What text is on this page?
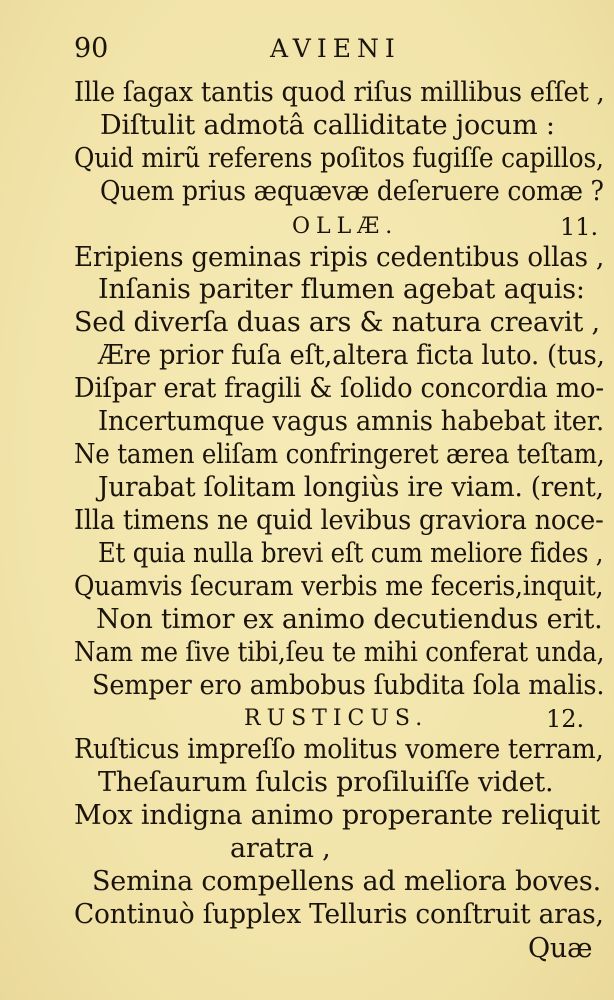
90	AVIENI
Ille ſagax tantis quod riſus millibus eſſet ,
Diſtulit admotâ calliditate jocum :
Quid mirũ referens poſitos fugiſſe capillos,
Quem prius æquævæ deſeruere comæ ?
OLLÆ.	11.
Eripiens geminas ripis cedentibus ollas ,
Inſanis pariter flumen agebat aquis:
Sed diverſa duas ars & natura creavit ,
Ære prior fuſa eſt,altera ficta luto. (tus,
Diſpar erat fragili & ſolido concordia mo-
Incertumque vagus amnis habebat iter.
Ne tamen eliſam confringeret ærea teſtam,
Jurabat ſolitam longiùs ire viam. (rent,
Illa timens ne quid levibus graviora noce-
Et quia nulla brevi eſt cum meliore fides ,
Quamvis ſecuram verbis me feceris,inquit,
Non timor ex animo decutiendus erit.
Nam me ſive tibi,ſeu te mihi conferat unda,
Semper ero ambobus ſubdita ſola malis.
RUSTICUS.	12.
Ruſticus impreſſo molitus vomere terram,
Theſaurum ſulcis proſiluiſſe videt.
Mox indigna animo properante reliquit
aratra ,
Semina compellens ad meliora boves.
Continuò ſupplex Telluris conſtruit aras,
Quæ
